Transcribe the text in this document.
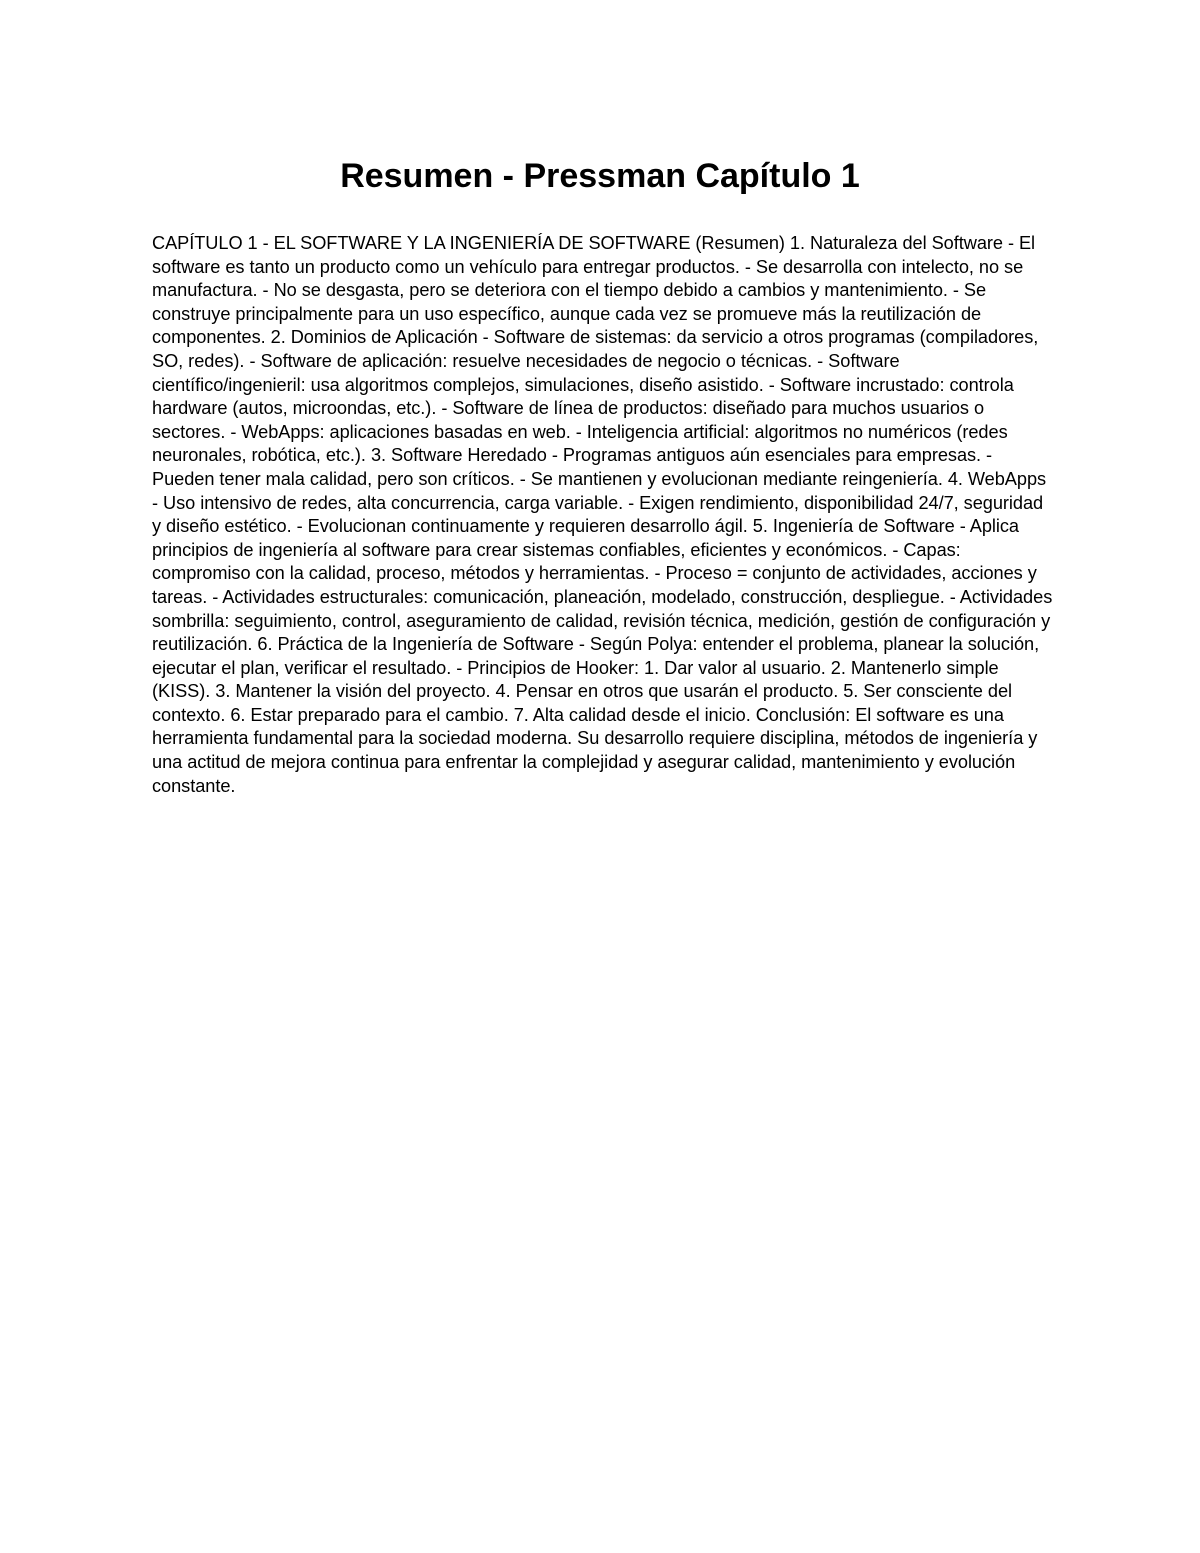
Resumen - Pressman Capítulo 1

CAPÍTULO 1 - EL SOFTWARE Y LA INGENIERÍA DE SOFTWARE (Resumen) 1. Naturaleza del Software - El software es tanto un producto como un vehículo para entregar productos. - Se desarrolla con intelecto, no se manufactura. - No se desgasta, pero se deteriora con el tiempo debido a cambios y mantenimiento. - Se construye principalmente para un uso específico, aunque cada vez se promueve más la reutilización de componentes. 2. Dominios de Aplicación - Software de sistemas: da servicio a otros programas (compiladores, SO, redes). - Software de aplicación: resuelve necesidades de negocio o técnicas. - Software científico/ingenieril: usa algoritmos complejos, simulaciones, diseño asistido. - Software incrustado: controla hardware (autos, microondas, etc.). - Software de línea de productos: diseñado para muchos usuarios o sectores. - WebApps: aplicaciones basadas en web. - Inteligencia artificial: algoritmos no numéricos (redes neuronales, robótica, etc.). 3. Software Heredado - Programas antiguos aún esenciales para empresas. - Pueden tener mala calidad, pero son críticos. - Se mantienen y evolucionan mediante reingeniería. 4. WebApps - Uso intensivo de redes, alta concurrencia, carga variable. - Exigen rendimiento, disponibilidad 24/7, seguridad y diseño estético. - Evolucionan continuamente y requieren desarrollo ágil. 5. Ingeniería de Software - Aplica principios de ingeniería al software para crear sistemas confiables, eficientes y económicos. - Capas: compromiso con la calidad, proceso, métodos y herramientas. - Proceso = conjunto de actividades, acciones y tareas. - Actividades estructurales: comunicación, planeación, modelado, construcción, despliegue. - Actividades sombrilla: seguimiento, control, aseguramiento de calidad, revisión técnica, medición, gestión de configuración y reutilización. 6. Práctica de la Ingeniería de Software - Según Polya: entender el problema, planear la solución, ejecutar el plan, verificar el resultado. - Principios de Hooker: 1. Dar valor al usuario. 2. Mantenerlo simple (KISS). 3. Mantener la visión del proyecto. 4. Pensar en otros que usarán el producto. 5. Ser consciente del contexto. 6. Estar preparado para el cambio. 7. Alta calidad desde el inicio. Conclusión: El software es una herramienta fundamental para la sociedad moderna. Su desarrollo requiere disciplina, métodos de ingeniería y una actitud de mejora continua para enfrentar la complejidad y asegurar calidad, mantenimiento y evolución constante.
